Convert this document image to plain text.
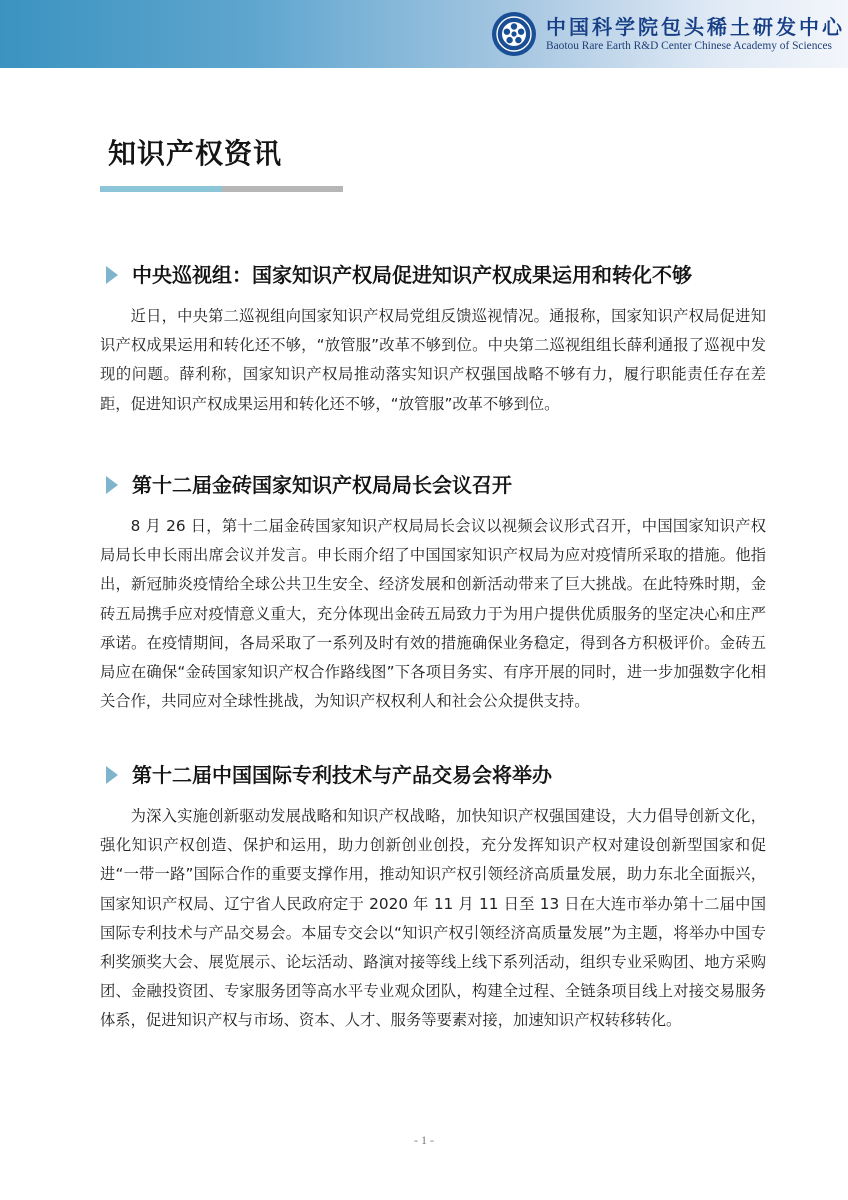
中国科学院包头稀土研发中心
Baotou Rare Earth R&D Center Chinese Academy of Sciences
知识产权资讯
中央巡视组：国家知识产权局促进知识产权成果运用和转化不够

近日，中央第二巡视组向国家知识产权局党组反馈巡视情况。通报称，国家知识产权局促进知识产权成果运用和转化还不够，“放管服”改革不够到位。中央第二巡视组组长薛利通报了巡视中发现的问题。薛利称，国家知识产权局推动落实知识产权强国战略不够有力，履行职能责任存在差距，促进知识产权成果运用和转化还不够，“放管服”改革不够到位。

第十二届金砖国家知识产权局局长会议召开

8 月 26 日，第十二届金砖国家知识产权局局长会议以视频会议形式召开，中国国家知识产权局局长申长雨出席会议并发言。申长雨介绍了中国国家知识产权局为应对疫情所采取的措施。他指出，新冠肺炎疫情给全球公共卫生安全、经济发展和创新活动带来了巨大挑战。在此特殊时期，金砖五局携手应对疫情意义重大，充分体现出金砖五局致力于为用户提供优质服务的坚定决心和庄严承诺。在疫情期间，各局采取了一系列及时有效的措施确保业务稳定，得到各方积极评价。金砖五局应在确保“金砖国家知识产权合作路线图”下各项目务实、有序开展的同时，进一步加强数字化相关合作，共同应对全球性挑战，为知识产权权利人和社会公众提供支持。

第十二届中国国际专利技术与产品交易会将举办

为深入实施创新驱动发展战略和知识产权战略，加快知识产权强国建设，大力倡导创新文化，强化知识产权创造、保护和运用，助力创新创业创投，充分发挥知识产权对建设创新型国家和促进“一带一路”国际合作的重要支撑作用，推动知识产权引领经济高质量发展，助力东北全面振兴，国家知识产权局、辽宁省人民政府定于 2020 年 11 月 11 日至 13 日在大连市举办第十二届中国国际专利技术与产品交易会。本届专交会以“知识产权引领经济高质量发展”为主题，将举办中国专利奖颁奖大会、展览展示、论坛活动、路演对接等线上线下系列活动，组织专业采购团、地方采购团、金融投资团、专家服务团等高水平专业观众团队，构建全过程、全链条项目线上对接交易服务体系，促进知识产权与市场、资本、人才、服务等要素对接，加速知识产权转移转化。

- 1 -
